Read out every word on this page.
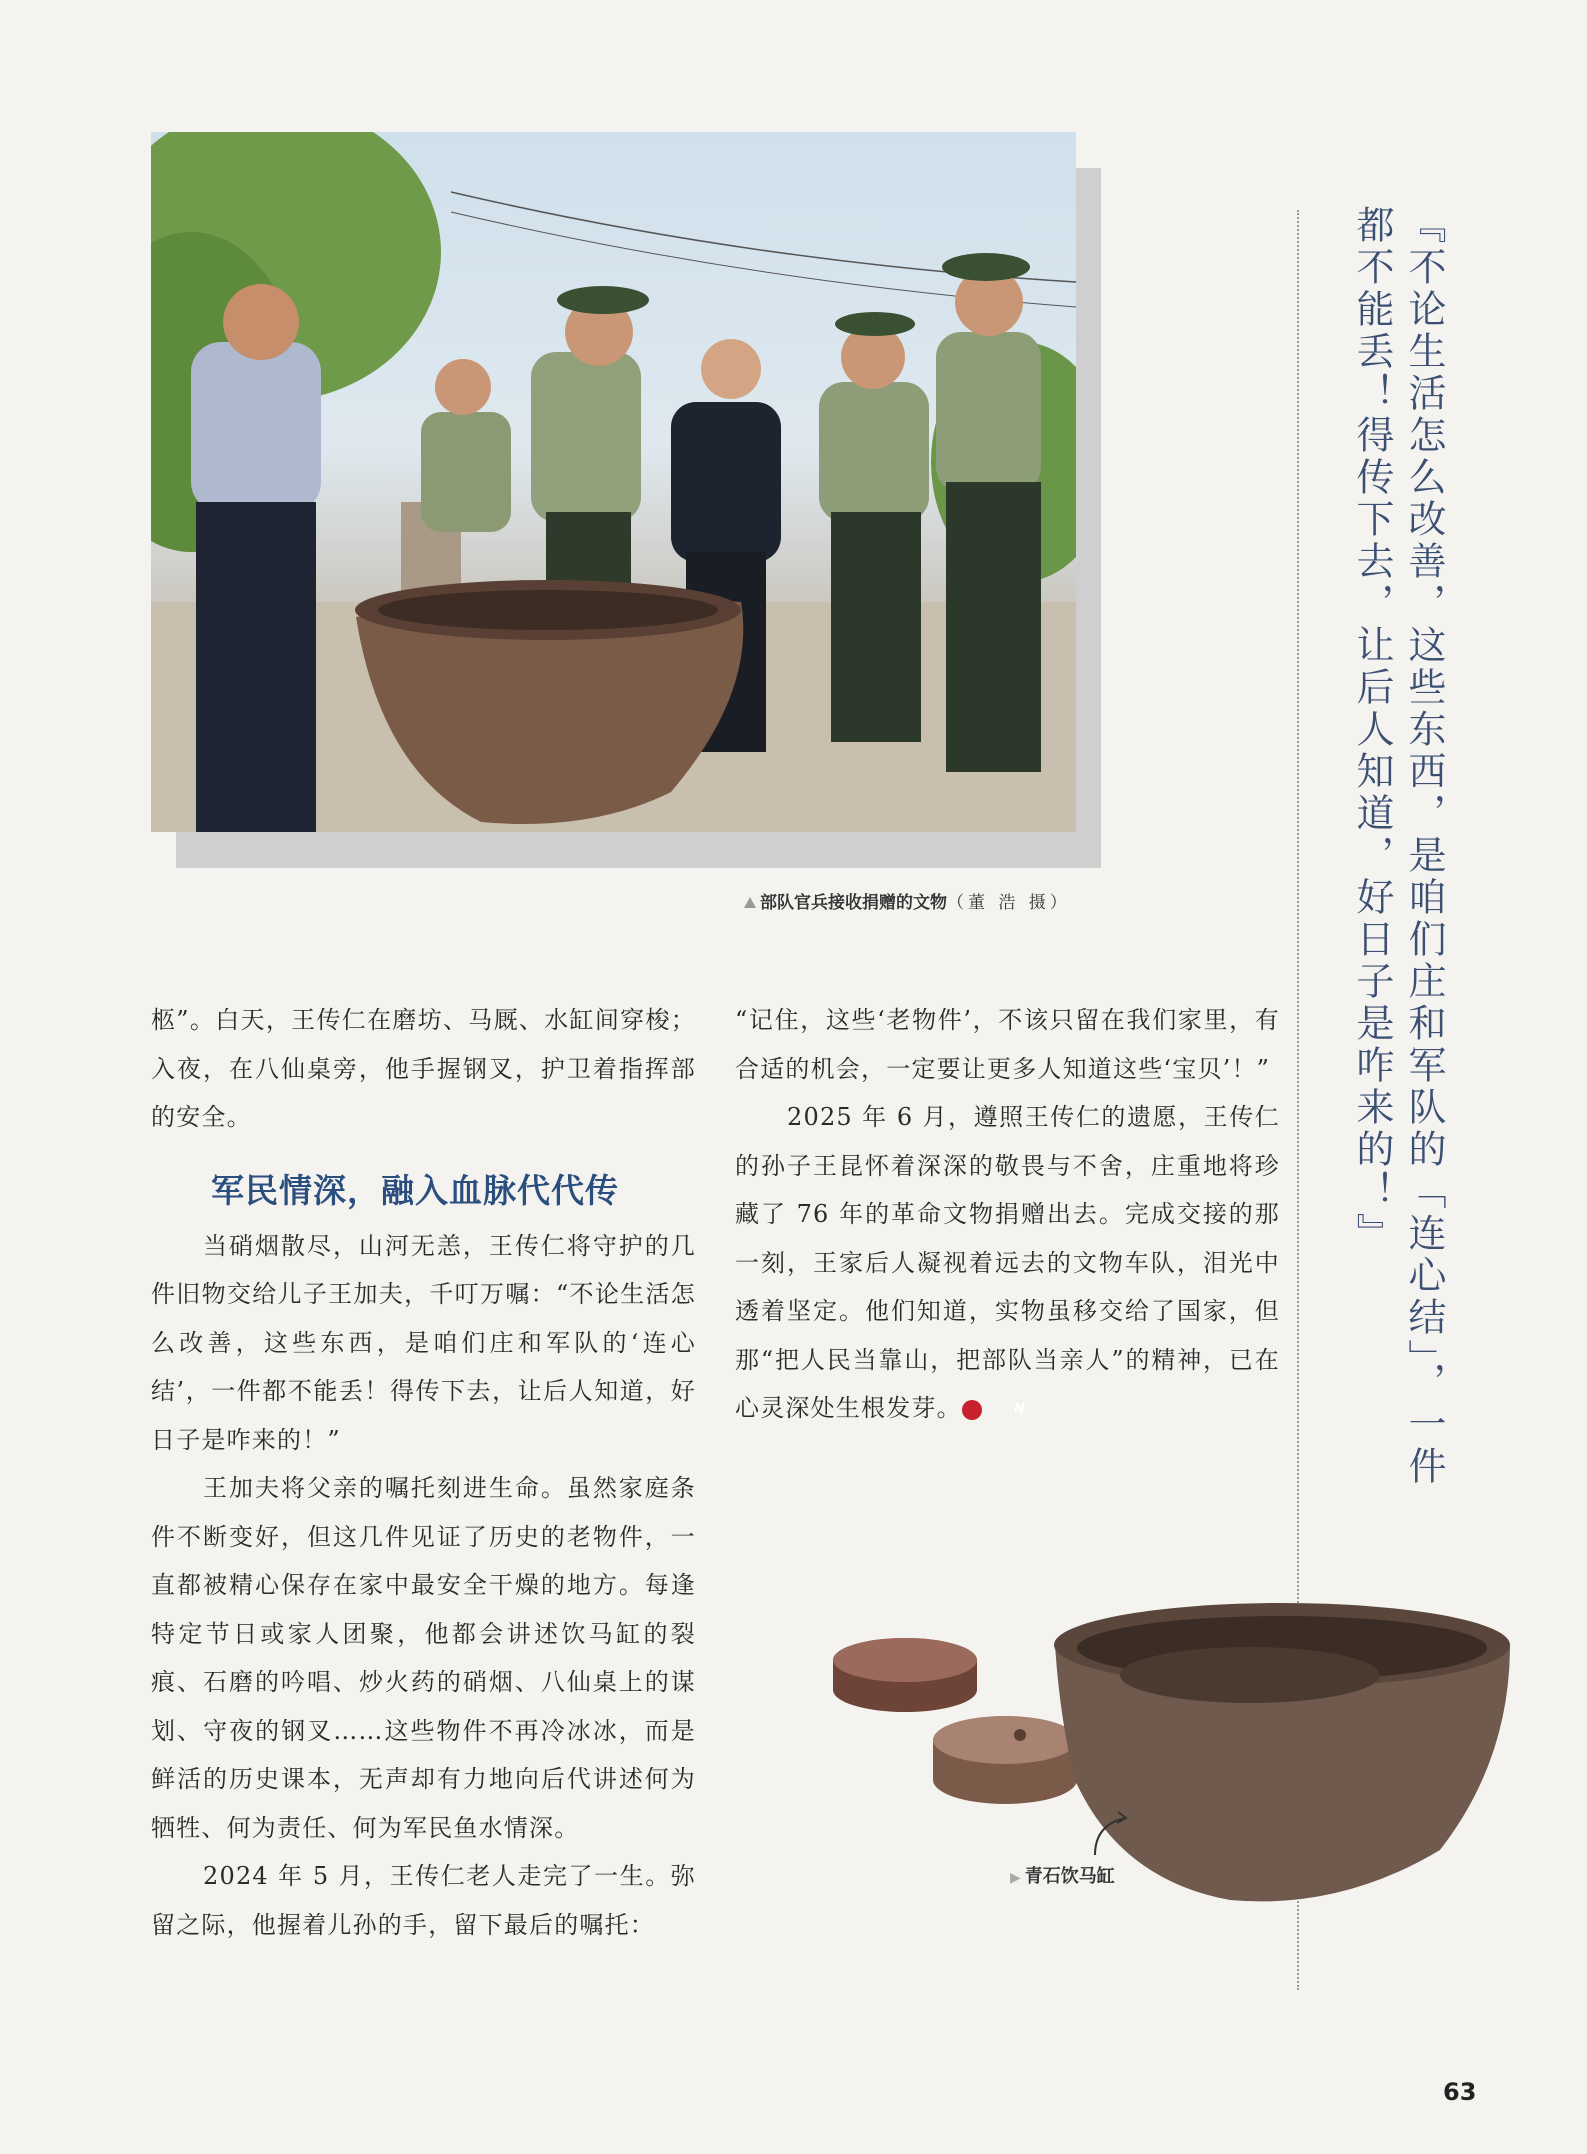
部队官兵接收捐赠的文物（董 浩 摄）

柩”。白天，王传仁在磨坊、马厩、水缸间穿梭；入夜，在八仙桌旁，他手握钢叉，护卫着指挥部的安全。

军民情深，融入血脉代代传

当硝烟散尽，山河无恙，王传仁将守护的几件旧物交给儿子王加夫，千叮万嘱：“不论生活怎么改善，这些东西，是咱们庄和军队的‘连心结’，一件都不能丢！得传下去，让后人知道，好日子是咋来的！”

王加夫将父亲的嘱托刻进生命。虽然家庭条件不断变好，但这几件见证了历史的老物件，一直都被精心保存在家中最安全干燥的地方。每逢特定节日或家人团聚，他都会讲述饮马缸的裂痕、石磨的吟唱、炒火药的硝烟、八仙桌上的谋划、守夜的钢叉……这些物件不再冷冰冰，而是鲜活的历史课本，无声却有力地向后代讲述何为牺牲、何为责任、何为军民鱼水情深。

2024 年 5 月，王传仁老人走完了一生。弥留之际，他握着儿孙的手，留下最后的嘱托：

“记住，这些‘老物件’，不该只留在我们家里，有合适的机会，一定要让更多人知道这些‘宝贝’！”

2025 年 6 月，遵照王传仁的遗愿，王传仁的孙子王昆怀着深深的敬畏与不舍，庄重地将珍藏了 76 年的革命文物捐赠出去。完成交接的那一刻，王家后人凝视着远去的文物车队，泪光中透着坚定。他们知道，实物虽移交给了国家，但那“把人民当靠山，把部队当亲人”的精神，已在心灵深处生根发芽。	N	『不论生活怎么改善，这些东西，是咱们庄和军队的「连心结」，一件都不能丢！得传下去，让后人知道，好日子是咋来的！』
▶ 青石饮马缸
63
